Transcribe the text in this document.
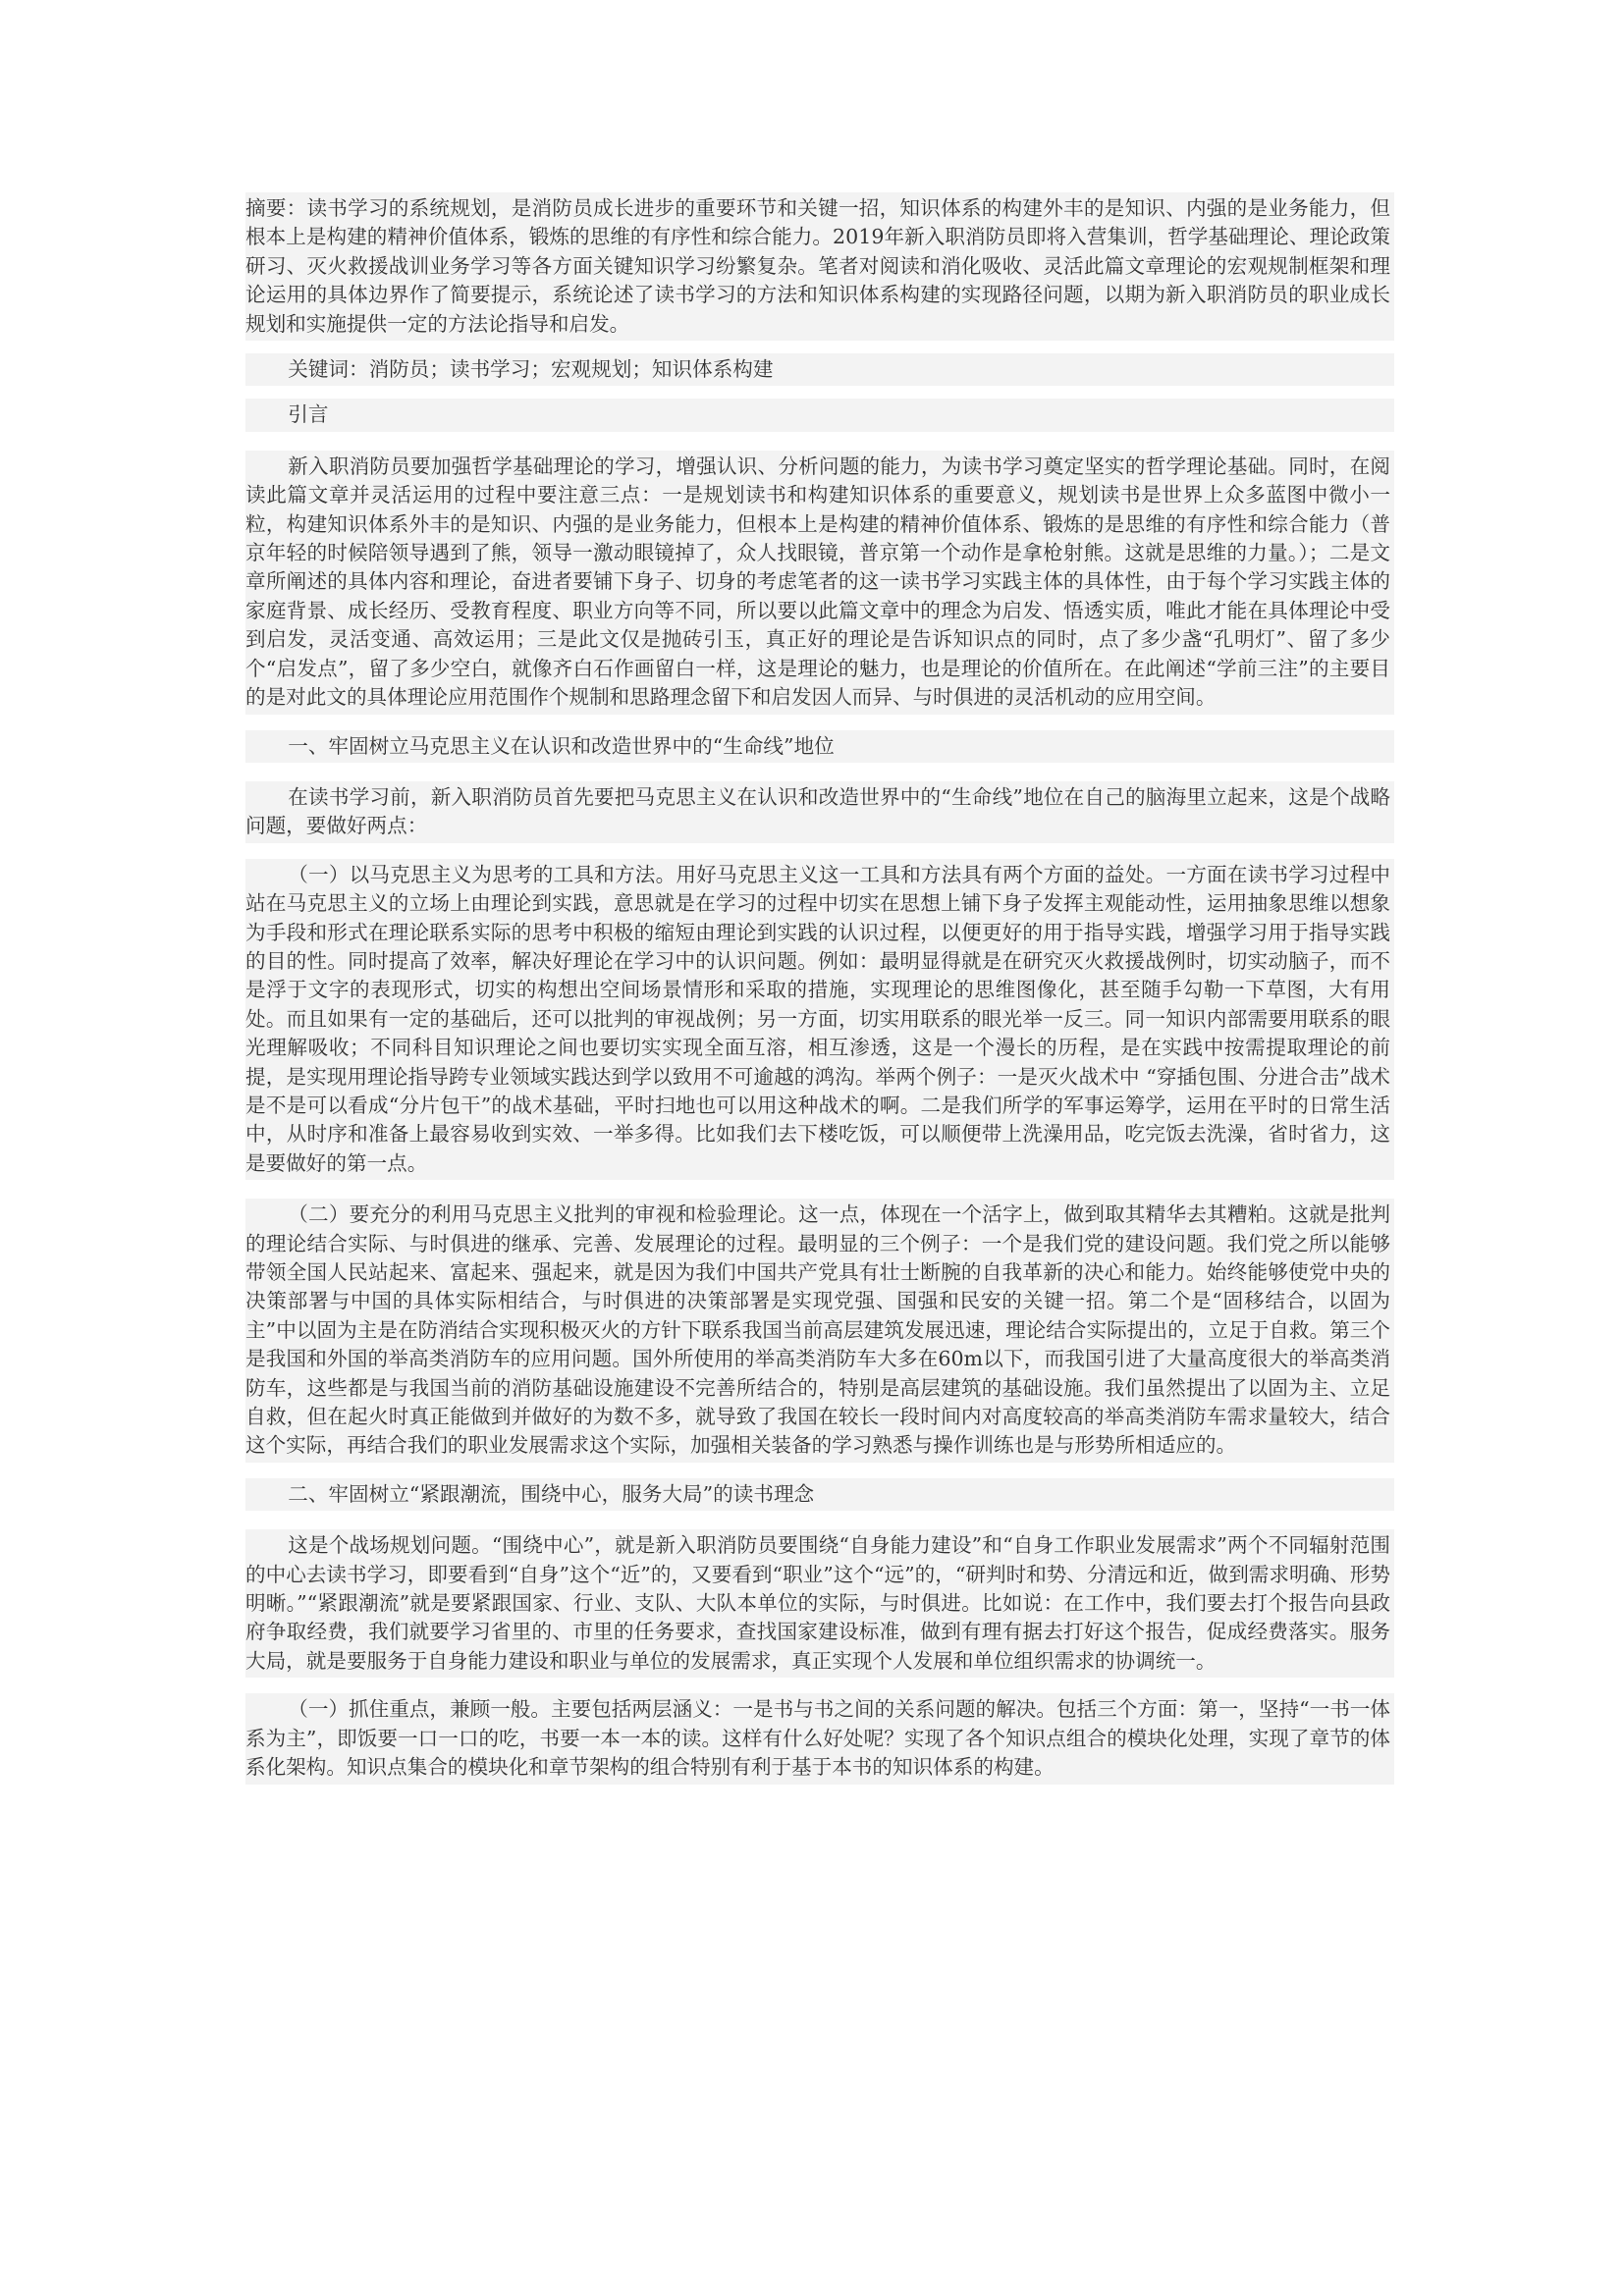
摘要：读书学习的系统规划，是消防员成长进步的重要环节和关键一招，知识体系的构建外丰的是知识、内强的是业务能力，但根本上是构建的精神价值体系，锻炼的思维的有序性和综合能力。2019年新入职消防员即将入营集训，哲学基础理论、理论政策研习、灭火救援战训业务学习等各方面关键知识学习纷繁复杂。笔者对阅读和消化吸收、灵活此篇文章理论的宏观规制框架和理论运用的具体边界作了简要提示，系统论述了读书学习的方法和知识体系构建的实现路径问题，以期为新入职消防员的职业成长规划和实施提供一定的方法论指导和启发。

关键词：消防员；读书学习；宏观规划；知识体系构建

引言

新入职消防员要加强哲学基础理论的学习，增强认识、分析问题的能力，为读书学习奠定坚实的哲学理论基础。同时，在阅读此篇文章并灵活运用的过程中要注意三点：一是规划读书和构建知识体系的重要意义，规划读书是世界上众多蓝图中微小一粒，构建知识体系外丰的是知识、内强的是业务能力，但根本上是构建的精神价值体系、锻炼的是思维的有序性和综合能力（普京年轻的时候陪领导遇到了熊，领导一激动眼镜掉了，众人找眼镜，普京第一个动作是拿枪射熊。这就是思维的力量。）；二是文章所阐述的具体内容和理论，奋进者要铺下身子、切身的考虑笔者的这一读书学习实践主体的具体性，由于每个学习实践主体的家庭背景、成长经历、受教育程度、职业方向等不同，所以要以此篇文章中的理念为启发、悟透实质，唯此才能在具体理论中受到启发，灵活变通、高效运用；三是此文仅是抛砖引玉，真正好的理论是告诉知识点的同时，点了多少盏“孔明灯”、留了多少个“启发点”，留了多少空白，就像齐白石作画留白一样，这是理论的魅力，也是理论的价值所在。在此阐述“学前三注”的主要目的是对此文的具体理论应用范围作个规制和思路理念留下和启发因人而异、与时俱进的灵活机动的应用空间。

一、牢固树立马克思主义在认识和改造世界中的“生命线”地位

在读书学习前，新入职消防员首先要把马克思主义在认识和改造世界中的“生命线”地位在自己的脑海里立起来，这是个战略问题，要做好两点：

（一）以马克思主义为思考的工具和方法。用好马克思主义这一工具和方法具有两个方面的益处。一方面在读书学习过程中站在马克思主义的立场上由理论到实践，意思就是在学习的过程中切实在思想上铺下身子发挥主观能动性，运用抽象思维以想象为手段和形式在理论联系实际的思考中积极的缩短由理论到实践的认识过程，以便更好的用于指导实践，增强学习用于指导实践的目的性。同时提高了效率，解决好理论在学习中的认识问题。例如：最明显得就是在研究灭火救援战例时，切实动脑子，而不是浮于文字的表现形式，切实的构想出空间场景情形和采取的措施，实现理论的思维图像化，甚至随手勾勒一下草图，大有用处。而且如果有一定的基础后，还可以批判的审视战例；另一方面，切实用联系的眼光举一反三。同一知识内部需要用联系的眼光理解吸收；不同科目知识理论之间也要切实实现全面互溶，相互渗透，这是一个漫长的历程，是在实践中按需提取理论的前提，是实现用理论指导跨专业领域实践达到学以致用不可逾越的鸿沟。举两个例子：一是灭火战术中 “穿插包围、分进合击”战术是不是可以看成“分片包干”的战术基础，平时扫地也可以用这种战术的啊。二是我们所学的军事运筹学，运用在平时的日常生活中，从时序和准备上最容易收到实效、一举多得。比如我们去下楼吃饭，可以顺便带上洗澡用品，吃完饭去洗澡，省时省力，这是要做好的第一点。

（二）要充分的利用马克思主义批判的审视和检验理论。这一点，体现在一个活字上，做到取其精华去其糟粕。这就是批判的理论结合实际、与时俱进的继承、完善、发展理论的过程。最明显的三个例子：一个是我们党的建设问题。我们党之所以能够带领全国人民站起来、富起来、强起来，就是因为我们中国共产党具有壮士断腕的自我革新的决心和能力。始终能够使党中央的决策部署与中国的具体实际相结合，与时俱进的决策部署是实现党强、国强和民安的关键一招。第二个是“固移结合，以固为主”中以固为主是在防消结合实现积极灭火的方针下联系我国当前高层建筑发展迅速，理论结合实际提出的，立足于自救。第三个是我国和外国的举高类消防车的应用问题。国外所使用的举高类消防车大多在60m以下，而我国引进了大量高度很大的举高类消防车，这些都是与我国当前的消防基础设施建设不完善所结合的，特别是高层建筑的基础设施。我们虽然提出了以固为主、立足自救，但在起火时真正能做到并做好的为数不多，就导致了我国在较长一段时间内对高度较高的举高类消防车需求量较大，结合这个实际，再结合我们的职业发展需求这个实际，加强相关装备的学习熟悉与操作训练也是与形势所相适应的。

二、牢固树立“紧跟潮流，围绕中心，服务大局”的读书理念

这是个战场规划问题。“围绕中心”，就是新入职消防员要围绕“自身能力建设”和“自身工作职业发展需求”两个不同辐射范围的中心去读书学习，即要看到“自身”这个“近”的，又要看到“职业”这个“远”的，“研判时和势、分清远和近，做到需求明确、形势明晰。”“紧跟潮流”就是要紧跟国家、行业、支队、大队本单位的实际，与时俱进。比如说：在工作中，我们要去打个报告向县政府争取经费，我们就要学习省里的、市里的任务要求，查找国家建设标准，做到有理有据去打好这个报告，促成经费落实。服务大局，就是要服务于自身能力建设和职业与单位的发展需求，真正实现个人发展和单位组织需求的协调统一。

（一）抓住重点，兼顾一般。主要包括两层涵义：一是书与书之间的关系问题的解决。包括三个方面：第一，坚持“一书一体系为主”，即饭要一口一口的吃，书要一本一本的读。这样有什么好处呢？实现了各个知识点组合的模块化处理，实现了章节的体系化架构。知识点集合的模块化和章节架构的组合特别有利于基于本书的知识体系的构建。
